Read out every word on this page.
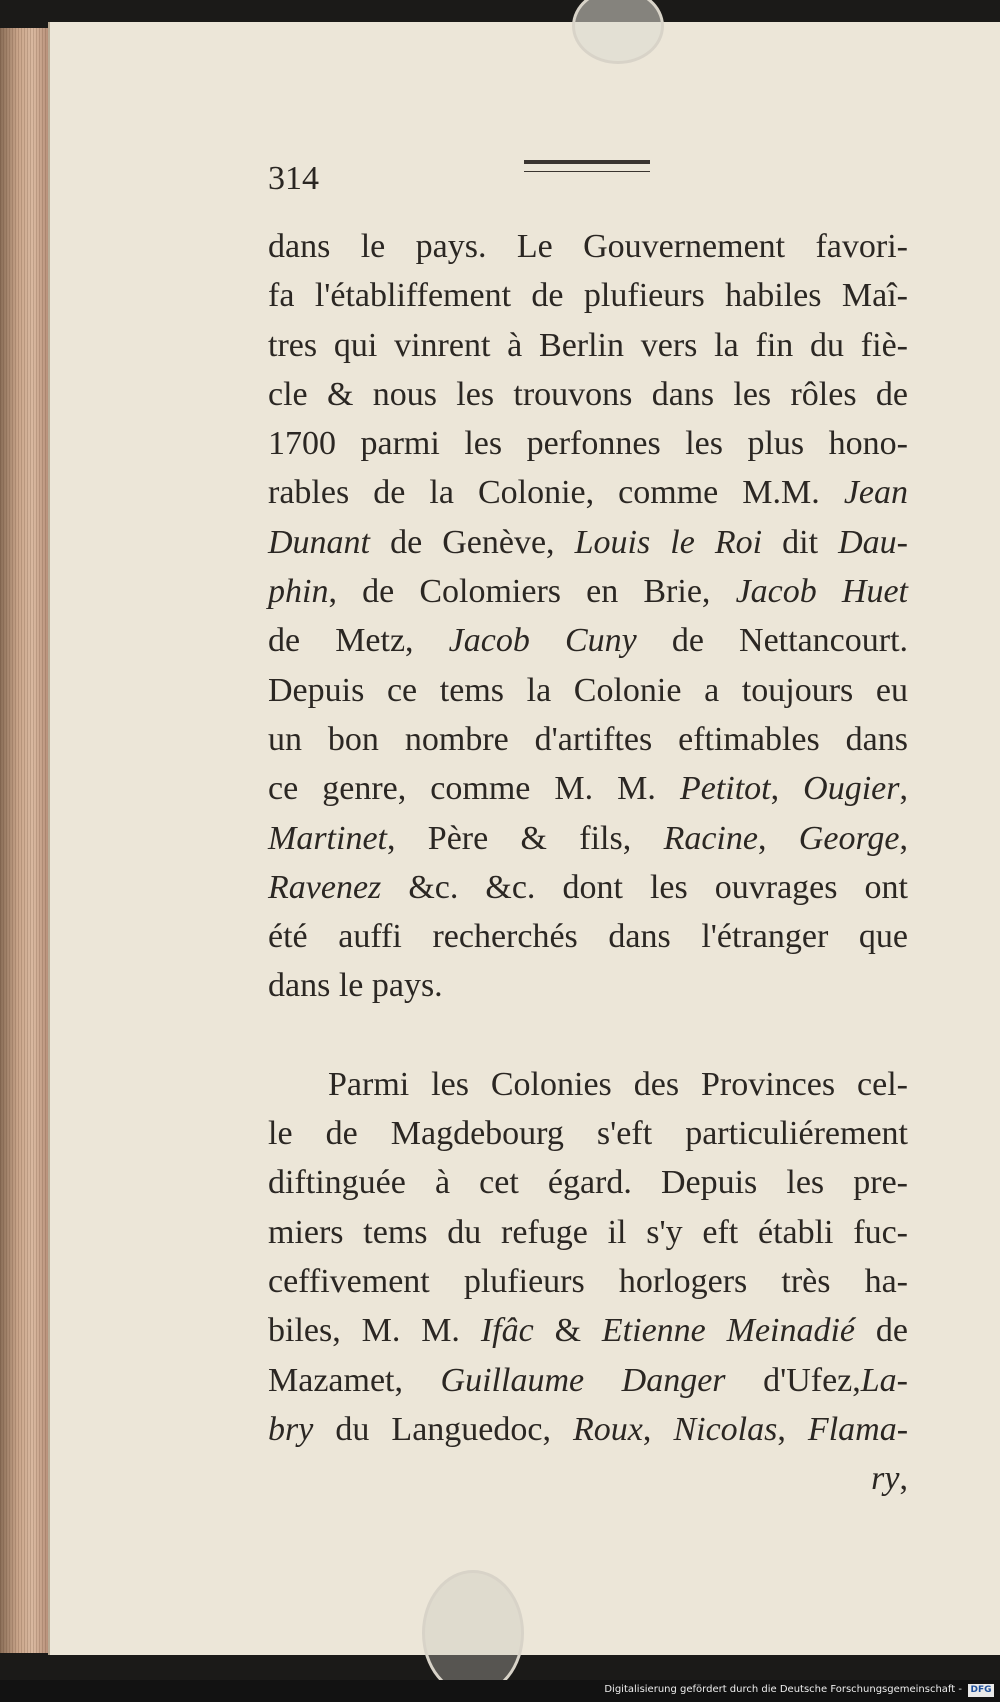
314
dans le pays. Le Gouvernement favori-
fa l'établiffement de plufieurs habiles Maî-
tres qui vinrent à Berlin vers la fin du fiè-
cle & nous les trouvons dans les rôles de
1700 parmi les perfonnes les plus hono-
rables de la Colonie, comme M.M. Jean
Dunant de Genève, Louis le Roi dit Dau-
phin, de Colomiers en Brie, Jacob Huet
de Metz, Jacob Cuny de Nettancourt.
Depuis ce tems la Colonie a toujours eu
un bon nombre d'artiftes eftimables dans
ce genre, comme M. M. Petitot, Ougier,
Martinet, Père & fils, Racine, George,
Ravenez &c. &c. dont les ouvrages ont
été auffi recherchés dans l'étranger que
dans le pays.
Parmi les Colonies des Provinces cel-
le de Magdebourg s'eft particuliérement
diftinguée à cet égard. Depuis les pre-
miers tems du refuge il s'y eft établi fuc-
ceffivement plufieurs horlogers très ha-
biles, M. M. Ifâc & Etienne Meinadié de
Mazamet, Guillaume Danger d'Ufez,La-
bry du Languedoc, Roux, Nicolas, Flama-
ry,
Digitalisierung gefördert durch die Deutsche Forschungsgemeinschaft - DFG
